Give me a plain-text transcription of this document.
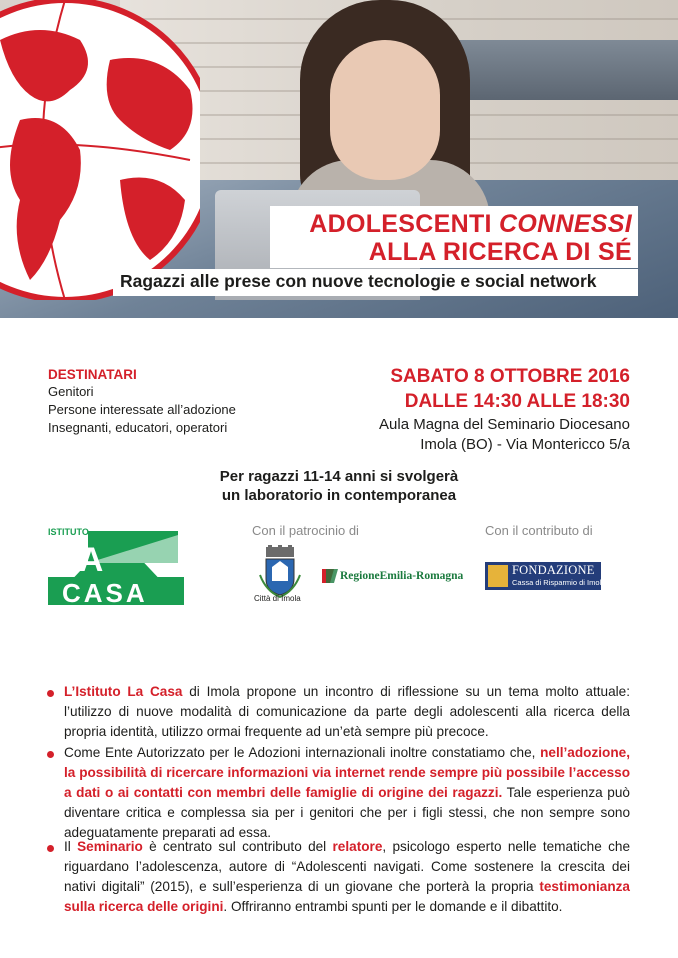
ADOLESCENTI CONNESSI
ALLA RICERCA DI SÉ
Ragazzi alle prese con nuove tecnologie e social network
DESTINATARI
Genitori
Persone interessate all’adozione
Insegnanti, educatori, operatori
SABATO 8 OTTOBRE 2016
DALLE 14:30 ALLE 18:30
Aula Magna del Seminario Diocesano
Imola (BO) - Via Montericco 5/a
Per ragazzi 11-14 anni si svolgerà
un laboratorio in contemporanea
ISTITUTO
LA
CASA
Con il patrocinio di
Città di Imola
RegioneEmilia-Romagna
Con il contributo di
FONDAZIONE
Cassa di Risparmio di Imola
L’Istituto La Casa di Imola propone un incontro di riflessione su un tema molto attuale: l’utilizzo di nuove modalità di comunicazione da parte degli adolescenti alla ricerca della propria identità, utilizzo ormai frequente ad un’età sempre più precoce.
Come Ente Autorizzato per le Adozioni internazionali inoltre constatiamo che, nell’adozione, la possibilità di ricercare informazioni via internet rende sempre più possibile l’accesso a dati o ai contatti con membri delle famiglie di origine dei ragazzi. Tale esperienza può diventare critica e complessa sia per i genitori che per i figli stessi, che non sempre sono adeguatamente preparati ad essa.
Il Seminario è centrato sul contributo del relatore, psicologo esperto nelle tematiche che riguardano l’adolescenza, autore di “Adolescenti navigati. Come sostenere la crescita dei nativi digitali” (2015), e sull’esperienza di un giovane che porterà la propria testimonianza sulla ricerca delle origini. Offriranno entrambi spunti per le domande e il dibattito.
